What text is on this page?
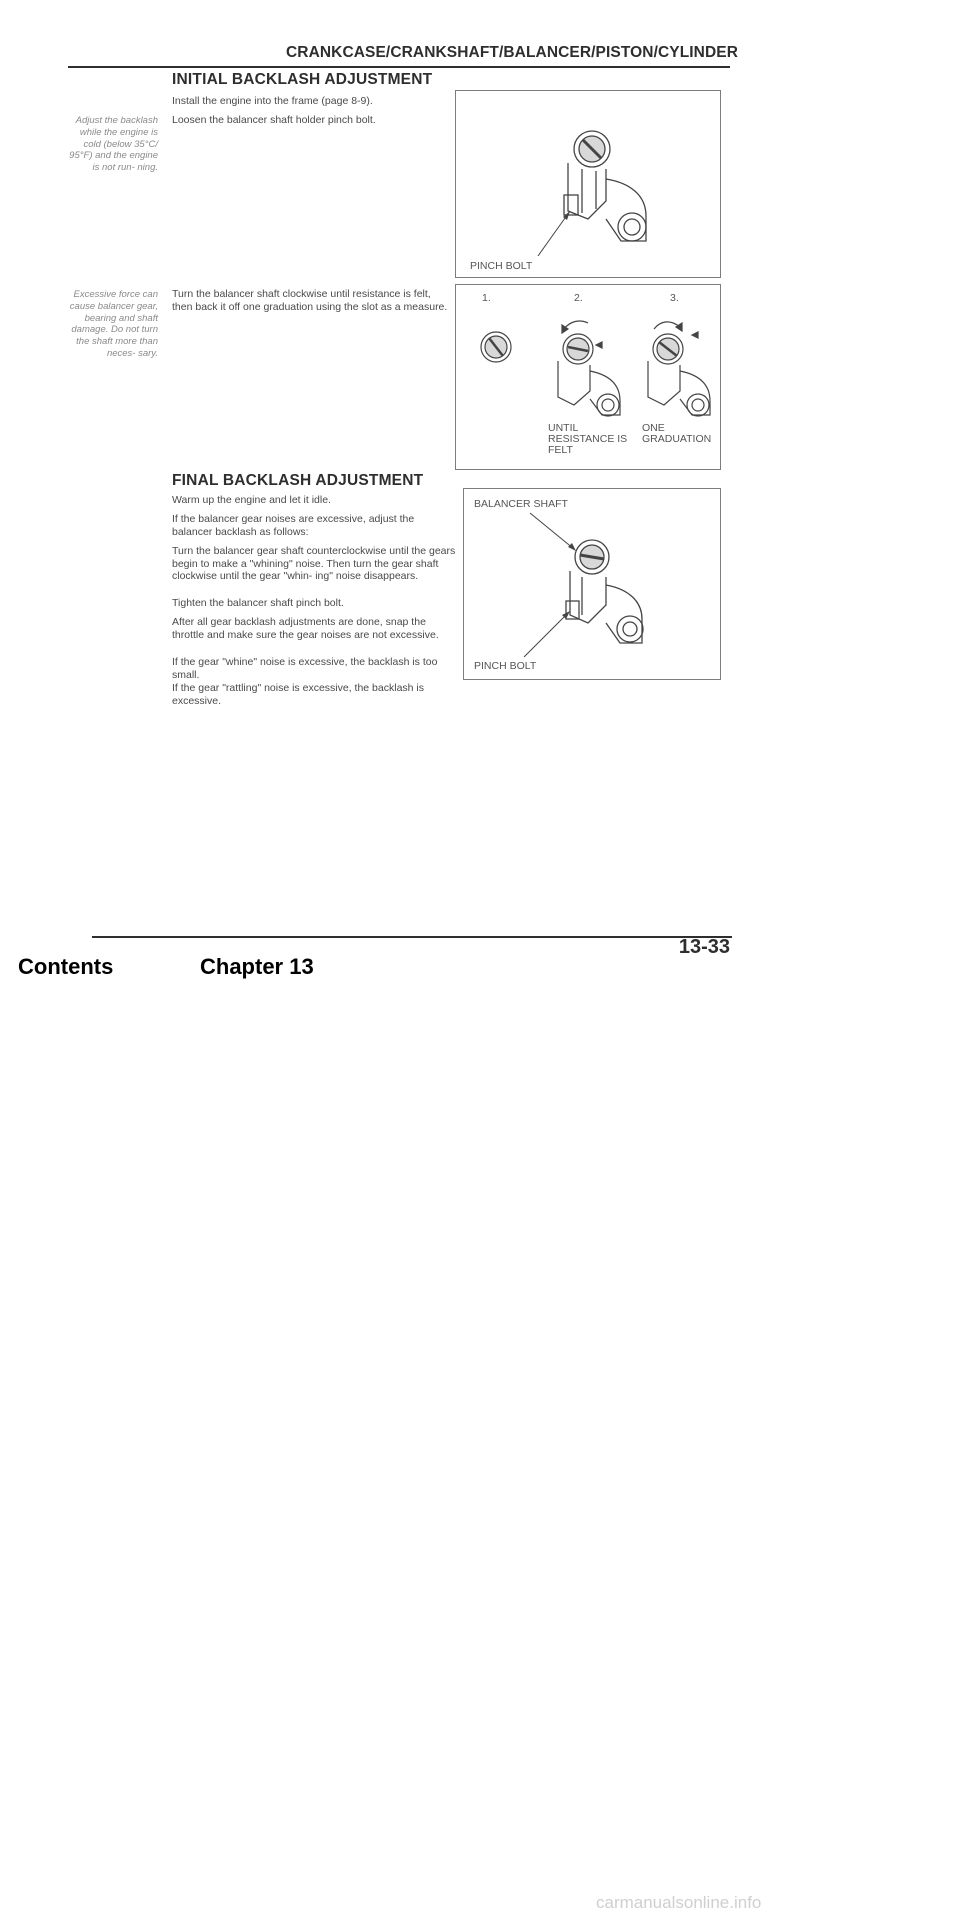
CRANKCASE/CRANKSHAFT/BALANCER/PISTON/CYLINDER
INITIAL BACKLASH ADJUSTMENT

Install the engine into the frame (page 8-9).

Loosen the balancer shaft holder pinch bolt.

Turn the balancer shaft clockwise until resistance is felt, then back it off one graduation using the slot as a measure.

Adjust the backlash while the engine is cold (below 35°C/ 95°F) and the engine is not run- ning.

Excessive force can cause balancer gear, bearing and shaft damage. Do not turn the shaft more than neces- sary.

PINCH BOLT
1.	2.	3.
UNTIL RESISTANCE IS FELT
ONE GRADUATION
FINAL BACKLASH ADJUSTMENT

Warm up the engine and let it idle.

If the balancer gear noises are excessive, adjust the balancer backlash as follows:

Turn the balancer gear shaft counterclockwise until the gears begin to make a "whining" noise. Then turn the gear shaft clockwise until the gear "whin- ing" noise disappears.

Tighten the balancer shaft pinch bolt.

After all gear backlash adjustments are done, snap the throttle and make sure the gear noises are not excessive.

If the gear "whine" noise is excessive, the backlash is too small.

If the gear "rattling" noise is excessive, the backlash is excessive.

BALANCER SHAFT
PINCH BOLT
13-33
Contents	Chapter 13
carmanualsonline.info
